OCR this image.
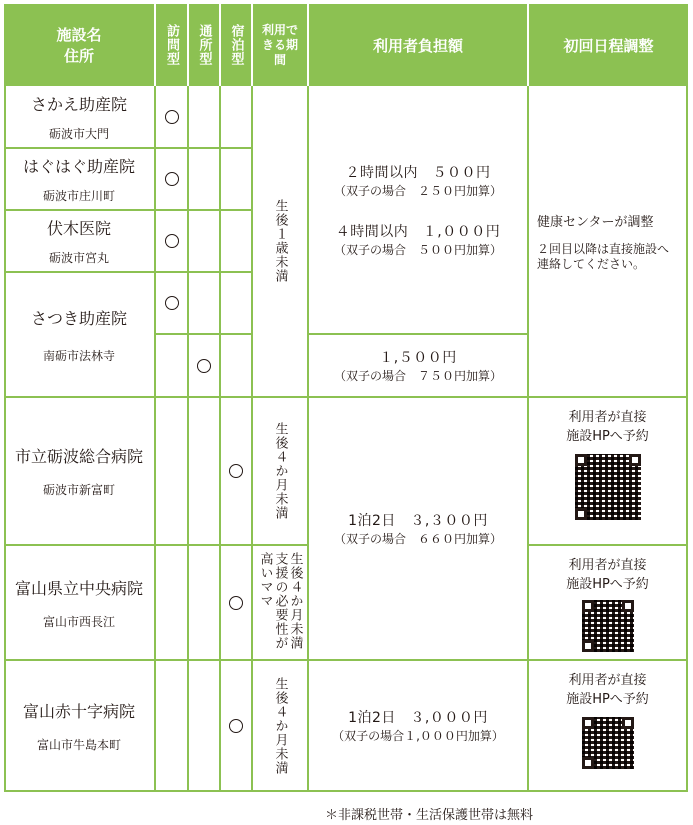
施設名
住所	訪問型 通所型 宿泊型 利用できる期間
利用者負担額	初回日程調整
さかえ助産院
砺波市大門
はぐはぐ助産院
砺波市庄川町
伏木医院
砺波市宮丸
さつき助産院
南砺市法林寺
市立砺波総合病院
砺波市新富町
富山県立中央病院
富山市西長江
富山赤十字病院
富山市牛島本町
生後１歳未満
生後４か月未満
生後４か月未満
支援の必要性が
高いママ
生後４か月未満
２時間以内　５００円
（双子の場合　２５０円加算）
４時間以内　１,０００円
（双子の場合　５００円加算）
１,５００円
（双子の場合　７５０円加算）
1泊2日　３,３００円
（双子の場合　６６０円加算）
1泊2日　３,０００円
（双子の場合１,０００円加算）
健康センターが調整
２回目以降は直接施設へ連絡してください。
利用者が直接
施設HPへ予約
利用者が直接
施設HPへ予約
利用者が直接
施設HPへ予約
＊非課税世帯・生活保護世帯は無料
